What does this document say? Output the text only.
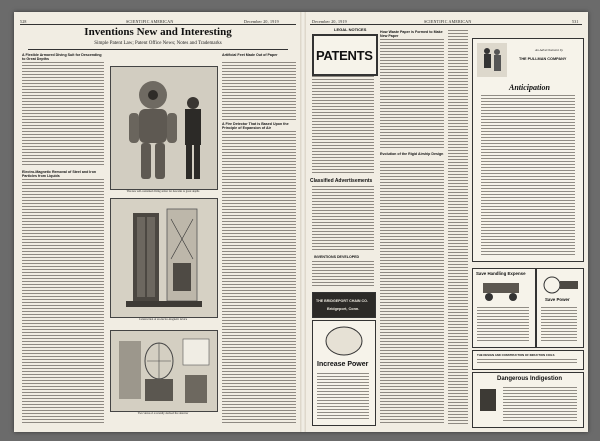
528	SCIENTIFIC AMERICAN	December 20, 1919
Inventions New and Interesting
Simple Patent Law; Patent Office News; Notes and Trademarks
A Flexible Armored Diving Suit for Descending to Great Depths
Electro-Magnetic Removal of Steel and Iron Particles from Liquids
The new self-contained diving armor for descents to great depths
Artificial Feet Made Out of Paper
A Fire Detector That is Based Upon the Principle of Expansion of Air
Construction of an electro-magnetic device
Two views of a recently devised fire detector
December 20, 1919	SCIENTIFIC AMERICAN	531
LEGAL NOTICES
PATENTS
Classified Advertisements
INVENTIONS DEVELOPED
THE BRIDGEPORT CHAIN CO.
Bridgeport, Conn.
Increase Power
How Waste Paper is Formed to Make New Paper
Evolution of the Rigid Airship Design
An Advertisement by
THE PULLMAN COMPANY
Anticipation
Save Handling Expense
Save Power
THE DESIGN AND CONSTRUCTION OF INDUCTION COILS
Dangerous Indigestion
